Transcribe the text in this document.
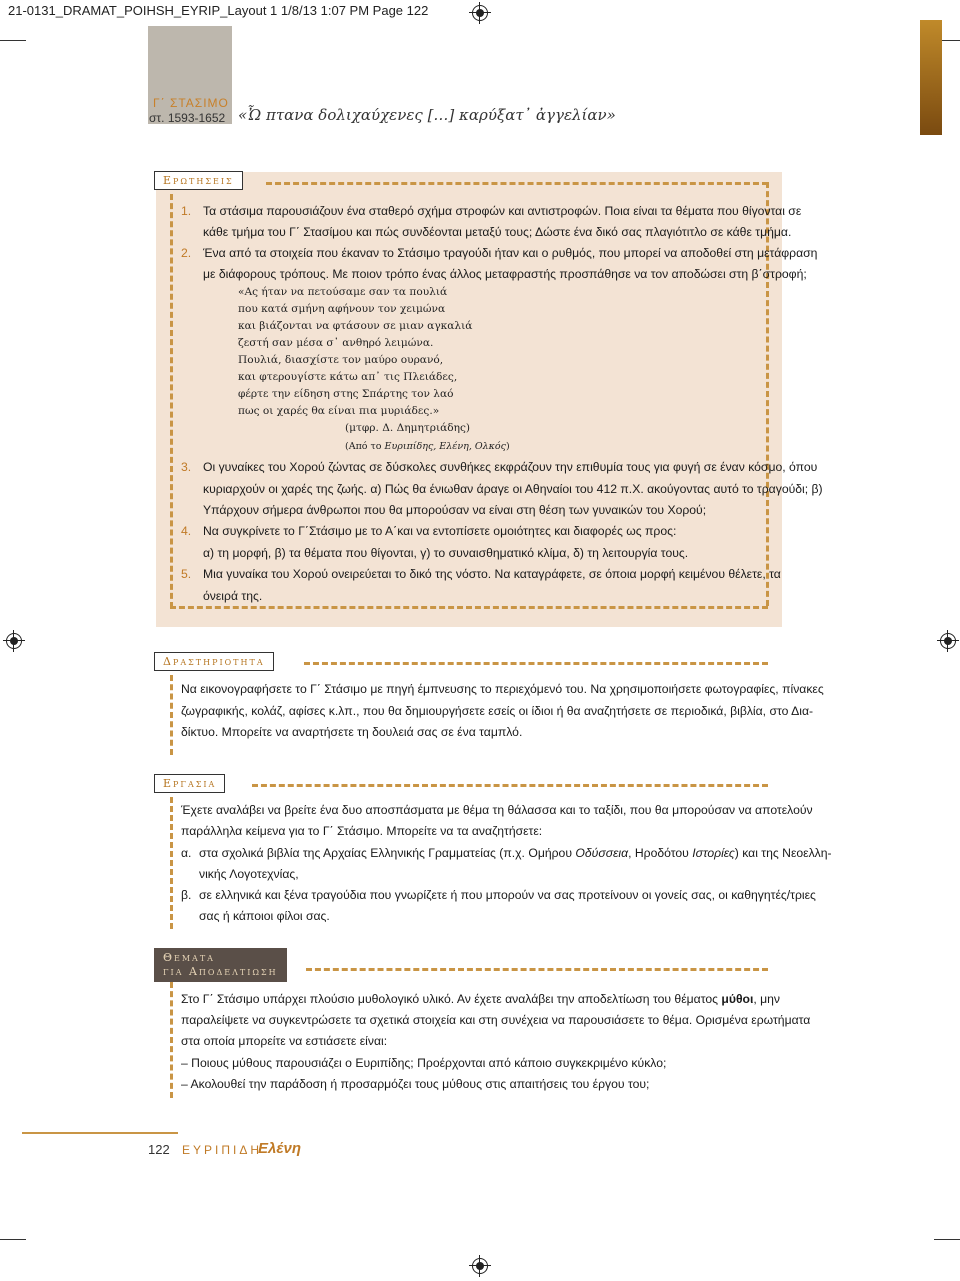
21-0131_DRAMAT_POIHSH_EYRIP_Layout 1 1/8/13 1:07 PM Page 122
Γ΄ ΣΤΑΣΙΜΟ
στ. 1593-1652 «Ὦ πτανα δολιχαύχενες […] καρύξατ᾽ ἀγγελίαν»
Ερωτησεισ
1. Τα στάσιμα παρουσιάζουν ένα σταθερό σχήμα στροφών και αντιστροφών. Ποια είναι τα θέματα που θίγονται σε
κάθε τμήμα του Γ΄ Στασίμου και πώς συνδέονται μεταξύ τους; Δώστε ένα δικό σας πλαγιότιτλο σε κάθε τμήμα.
2. Ένα από τα στοιχεία που έκαναν το Στάσιμο τραγούδι ήταν και ο ρυθμός, που μπορεί να αποδοθεί στη μετάφραση
με διάφορους τρόπους. Με ποιον τρόπο ένας άλλος μεταφραστής προσπάθησε να τον αποδώσει στη β΄στροφή;
«Ας ήταν να πετούσαμε σαν τα πουλιά
που κατά σμήνη αφήνουν τον χειμώνα
και βιάζονται να φτάσουν σε μιαν αγκαλιά
ζεστή σαν μέσα σ᾽ ανθηρό λειμώνα.
Πουλιά, διασχίστε τον μαύρο ουρανό,
και φτερουγίστε κάτω απ᾽ τις Πλειάδες,
φέρτε την είδηση στης Σπάρτης τον λαό
πως οι χαρές θα είναι πια μυριάδες.»
(μτφρ. Δ. Δημητριάδης)
(Από το Ευριπίδης, Ελένη, Ολκός)
3. Οι γυναίκες του Χορού ζώντας σε δύσκολες συνθήκες εκφράζουν την επιθυμία τους για φυγή σε έναν κόσμο, όπου
κυριαρχούν οι χαρές της ζωής. α) Πώς θα ένιωθαν άραγε οι Αθηναίοι του 412 π.Χ. ακούγοντας αυτό το τραγούδι; β)
Υπάρχουν σήμερα άνθρωποι που θα μπορούσαν να είναι στη θέση των γυναικών του Χορού;
4. Να συγκρίνετε το Γ΄Στάσιμο με το Α΄και να εντοπίσετε ομοιότητες και διαφορές ως προς:
α) τη μορφή, β) τα θέματα που θίγονται, γ) το συναισθηματικό κλίμα, δ) τη λειτουργία τους.
5. Μια γυναίκα του Χορού ονειρεύεται το δικό της νόστο. Να καταγράφετε, σε όποια μορφή κειμένου θέλετε, τα
όνειρά της.
Δραστηριοτητα
Να εικονογραφήσετε το Γ΄ Στάσιμο με πηγή έμπνευσης το περιεχόμενό του. Να χρησιμοποιήσετε φωτογραφίες, πίνακες
ζωγραφικής, κολάζ, αφίσες κ.λπ., που θα δημιουργήσετε εσείς οι ίδιοι ή θα αναζητήσετε σε περιοδικά, βιβλία, στο Δια-
δίκτυο. Μπορείτε να αναρτήσετε τη δουλειά σας σε ένα ταμπλό.
Εργασια
Έχετε αναλάβει να βρείτε ένα δυο αποσπάσματα με θέμα τη θάλασσα και το ταξίδι, που θα μπορούσαν να αποτελούν
παράλληλα κείμενα για το Γ΄ Στάσιμο. Μπορείτε να τα αναζητήσετε:
α. στα σχολικά βιβλία της Αρχαίας Ελληνικής Γραμματείας (π.χ. Ομήρου Οδύσσεια, Ηροδότου Ιστορίες) και της Νεοελλη-
νικής Λογοτεχνίας,
β. σε ελληνικά και ξένα τραγούδια που γνωρίζετε ή που μπορούν να σας προτείνουν οι γονείς σας, οι καθηγητές/τριες
σας ή κάποιοι φίλοι σας.
Θεματα
για Αποδελτιωση
Στο Γ΄ Στάσιμο υπάρχει πλούσιο μυθολογικό υλικό. Αν έχετε αναλάβει την αποδελτίωση του θέματος μύθοι, μην
παραλείψετε να συγκεντρώσετε τα σχετικά στοιχεία και στη συνέχεια να παρουσιάσετε το θέμα. Ορισμένα ερωτήματα
στα οποία μπορείτε να εστιάσετε είναι:
– Ποιους μύθους παρουσιάζει ο Ευριπίδης; Προέρχονται από κάποιο συγκεκριμένο κύκλο;
– Ακολουθεί την παράδοση ή προσαρμόζει τους μύθους στις απαιτήσεις του έργου του;
122 ΕΥΡΙΠΙΔΗ
Ελένη
